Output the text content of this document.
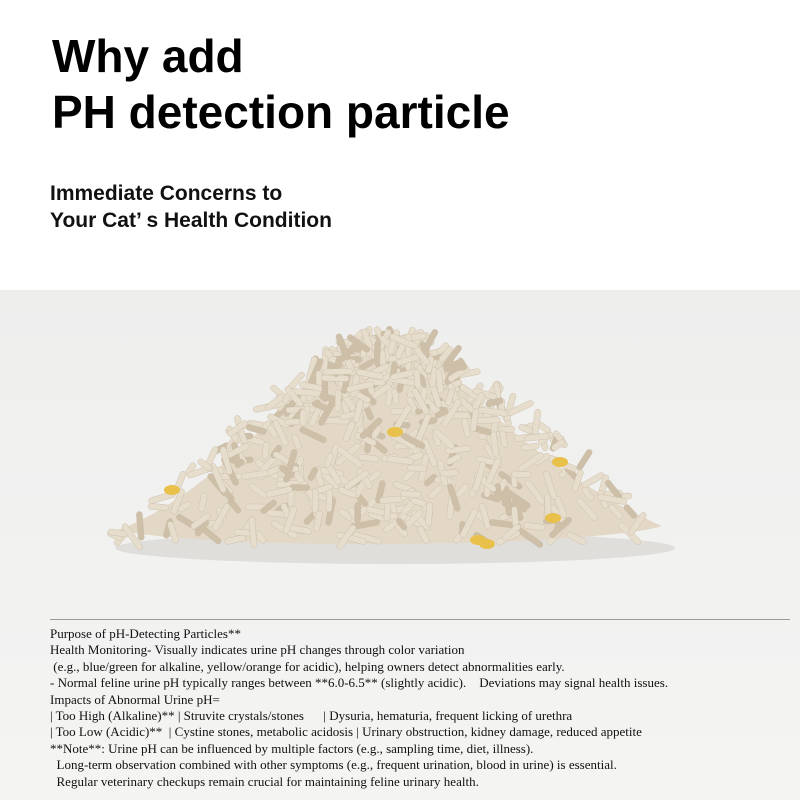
Why add
PH detection particle
Immediate Concerns to
Your Cat’ s Health Condition
Purpose of pH-Detecting Particles**
Health Monitoring- Visually indicates urine pH changes through color variation
(e.g., blue/green for alkaline, yellow/orange for acidic), helping owners detect abnormalities early.
- Normal feline urine pH typically ranges between **6.0-6.5** (slightly acidic).    Deviations may signal health issues.
Impacts of Abnormal Urine pH=
| Too High (Alkaline)** | Struvite crystals/stones      | Dysuria, hematuria, frequent licking of urethra
| Too Low (Acidic)**  | Cystine stones, metabolic acidosis | Urinary obstruction, kidney damage, reduced appetite
**Note**: Urine pH can be influenced by multiple factors (e.g., sampling time, diet, illness).
Long-term observation combined with other symptoms (e.g., frequent urination, blood in urine) is essential.
Regular veterinary checkups remain crucial for maintaining feline urinary health.
